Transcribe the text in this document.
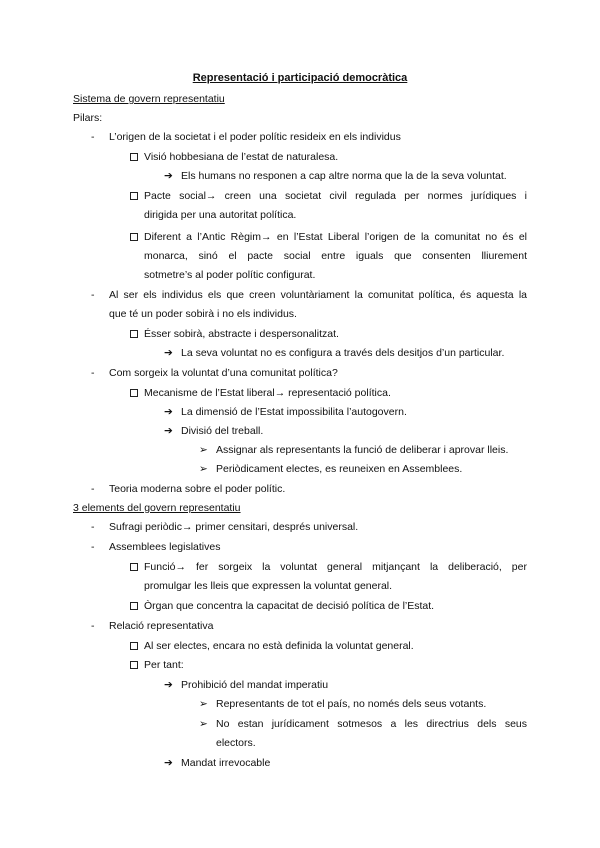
Representació i participació democràtica
Sistema de govern representatiu
Pilars:
- L’origen de la societat i el poder polític resideix en els individus
Visió hobbesiana de l’estat de naturalesa.
➔ Els humans no responen a cap altre norma que la de la seva voluntat.
Pacte social→ creen una societat civil regulada per normes jurídiques i
dirigida per una autoritat política.
Diferent a l’Antic Règim→ en l’Estat Liberal l’origen de la comunitat no és el
monarca, sinó el pacte social entre iguals que consenten lliurement
sotmetre’s al poder polític configurat.
- Al ser els individus els que creen voluntàriament la comunitat política, és aquesta la
que té un poder sobirà i no els individus.
Ésser sobirà, abstracte i despersonalitzat.
➔ La seva voluntat no es configura a través dels desitjos d’un particular.
- Com sorgeix la voluntat d’una comunitat política?
Mecanisme de l’Estat liberal→ representació política.
➔ La dimensió de l’Estat impossibilita l’autogovern.
➔ Divisió del treball.
➢ Assignar als representants la funció de deliberar i aprovar lleis.
➢ Periòdicament electes, es reuneixen en Assemblees.
- Teoria moderna sobre el poder polític.
3 elements del govern representatiu
- Sufragi periòdic→ primer censitari, després universal.
- Assemblees legislatives
Funció→ fer sorgeix la voluntat general mitjançant la deliberació, per
promulgar les lleis que expressen la voluntat general.
Òrgan que concentra la capacitat de decisió política de l’Estat.
- Relació representativa
Al ser electes, encara no està definida la voluntat general.
Per tant:
➔ Prohibició del mandat imperatiu
➢ Representants de tot el país, no només dels seus votants.
➢ No estan jurídicament sotmesos a les directrius dels seus
electors.
➔ Mandat irrevocable
